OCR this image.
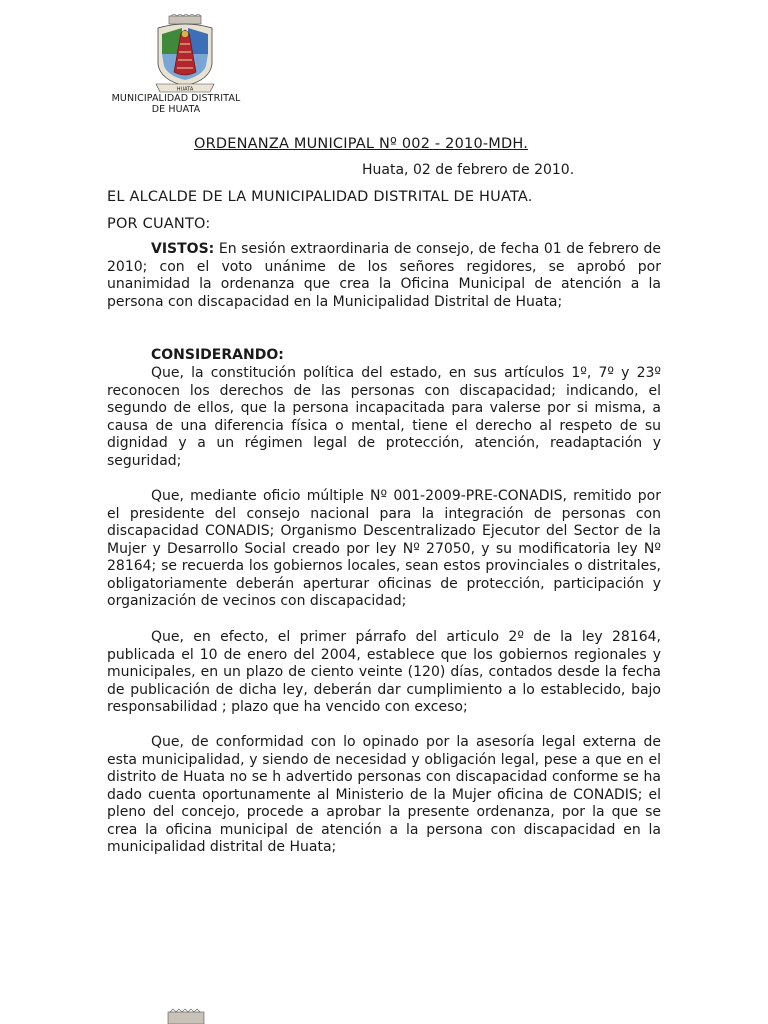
HUATA
MUNICIPALIDAD DISTRITAL
DE HUATA
ORDENANZA MUNICIPAL Nº 002 - 2010-MDH.
Huata, 02 de febrero de 2010.
EL ALCALDE DE LA MUNICIPALIDAD DISTRITAL DE HUATA.
POR CUANTO:

VISTOS: En sesión extraordinaria de consejo, de fecha 01 de febrero de 2010; con el voto unánime de los señores regidores, se aprobó por unanimidad la ordenanza que crea la Oficina Municipal de atención a la persona con discapacidad en la Municipalidad Distrital de Huata;

CONSIDERANDO:

Que, la constitución política del estado, en sus artículos 1º, 7º y 23º reconocen los derechos de las personas con discapacidad; indicando, el segundo de ellos, que la persona incapacitada para valerse por si misma, a causa de una diferencia física o mental, tiene el derecho al respeto de su dignidad y a un régimen legal de protección, atención, readaptación y seguridad;

Que, mediante oficio múltiple Nº 001-2009-PRE-CONADIS, remitido por el presidente del consejo nacional para la integración de personas con discapacidad CONADIS; Organismo Descentralizado Ejecutor del Sector de la Mujer y Desarrollo Social creado por ley Nº 27050, y su modificatoria ley Nº 28164; se recuerda los gobiernos locales, sean estos provinciales o distritales, obligatoriamente deberán aperturar oficinas de protección, participación y organización de vecinos con discapacidad;

Que, en efecto, el primer párrafo del articulo 2º de la ley 28164, publicada el 10 de enero del 2004, establece que los gobiernos regionales y municipales, en un plazo de ciento veinte (120) días, contados desde la fecha de publicación de dicha ley, deberán dar cumplimiento a lo establecido, bajo responsabilidad ; plazo que ha vencido con exceso;

Que, de conformidad con lo opinado por la asesoría legal externa de esta municipalidad, y siendo de necesidad y obligación legal, pese a que en el distrito de Huata no se h advertido personas con discapacidad conforme se ha dado cuenta oportunamente al Ministerio de la Mujer oficina de CONADIS; el pleno del concejo, procede a aprobar la presente ordenanza, por la que se crea la oficina municipal de atención a la persona con discapacidad en la municipalidad distrital de Huata;
